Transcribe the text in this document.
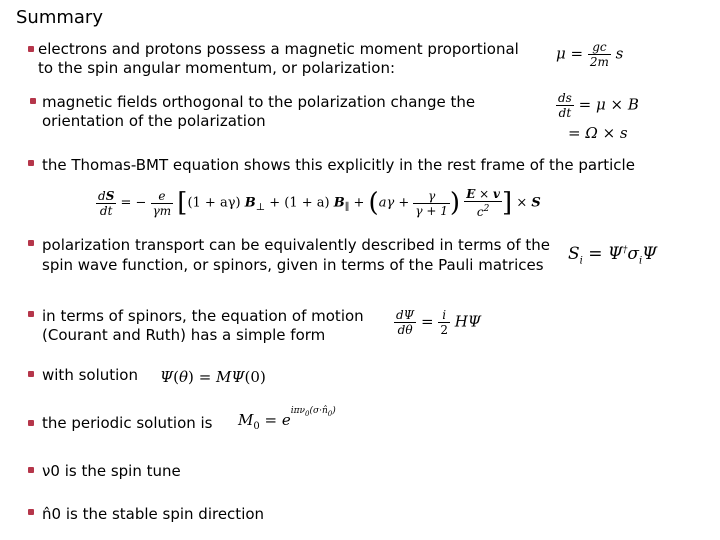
Summary
electrons and protons possess a magnetic moment proportional
to the spin angular momentum, or polarization:
$\mu = \frac{gc}{2m}$ s
magnetic fields orthogonal to the polarization change the
orientation of the polarization
$\frac{ds}{dt} = \mu \times B$
= Ω × s
the Thomas-BMT equation shows this explicitly in the rest frame of the particle
$\frac{dS}{dt}$ = − $\frac{e}{\gamma m} [(1 + a\gamma) B_\perp + (1 + a) B_\parallel + (a\gamma + \frac{\gamma}{\gamma + 1}$ ) $\frac{E \times v}{c^2}$ ] × S
polarization transport can be equivalently described in terms of the
spin wave function, or spinors, given in terms of the Pauli matrices
$S_i = \Psi^\dagger\sigma_i\Psi$
in terms of spinors, the equation of motion
(Courant and Ruth) has a simple form	$\frac{d\Psi}{d\theta} = \frac{i}{2}$ HΨ
with solution Ψ(θ) = MΨ(0)
the periodic solution is $M_0 = e^{i\pi\nu_0(\sigma\cdot n̂_0)}$
ν0 is the spin tune
n̂0 is the stable spin direction
